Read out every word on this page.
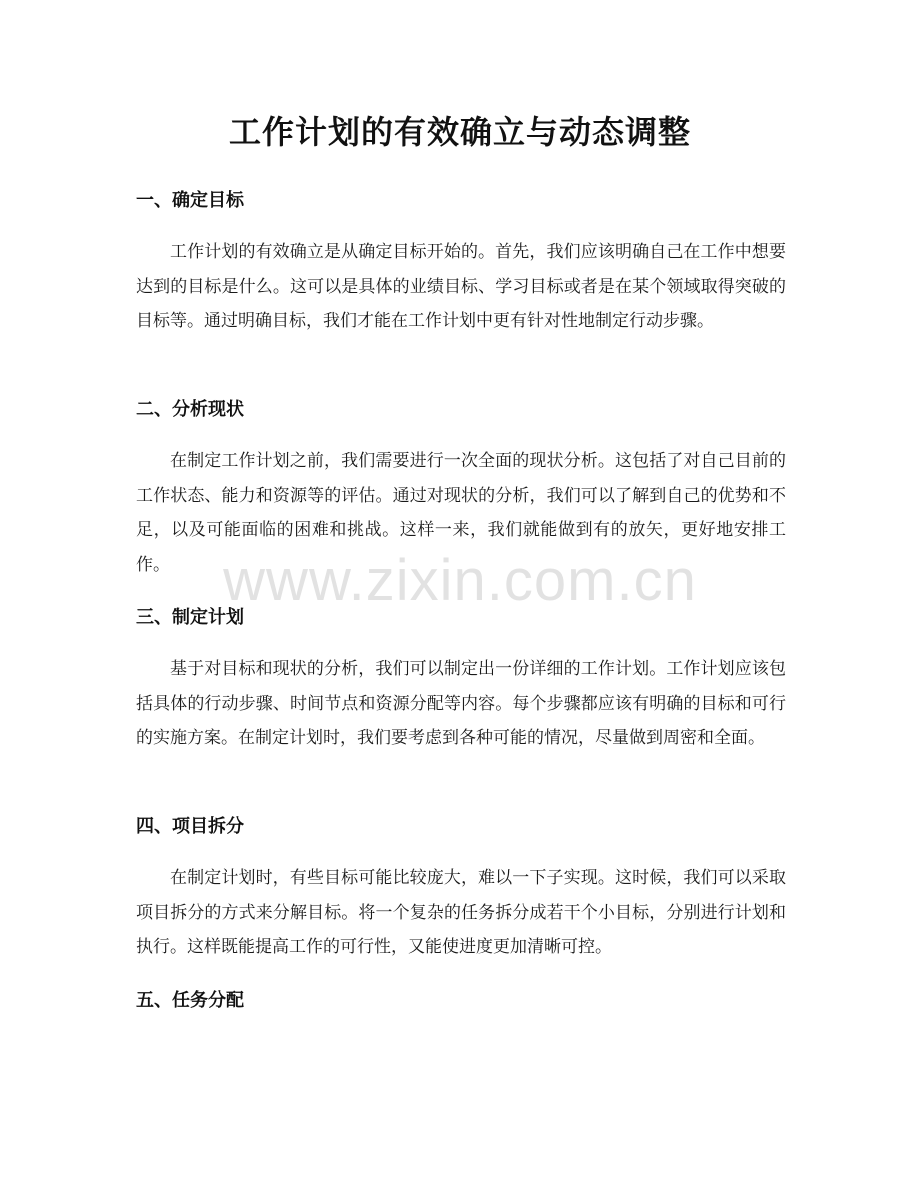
工作计划的有效确立与动态调整
一、确定目标

工作计划的有效确立是从确定目标开始的。首先，我们应该明确自己在工作中想要达到的目标是什么。这可以是具体的业绩目标、学习目标或者是在某个领域取得突破的目标等。通过明确目标，我们才能在工作计划中更有针对性地制定行动步骤。

二、分析现状

在制定工作计划之前，我们需要进行一次全面的现状分析。这包括了对自己目前的工作状态、能力和资源等的评估。通过对现状的分析，我们可以了解到自己的优势和不足，以及可能面临的困难和挑战。这样一来，我们就能做到有的放矢，更好地安排工作。

三、制定计划

基于对目标和现状的分析，我们可以制定出一份详细的工作计划。工作计划应该包括具体的行动步骤、时间节点和资源分配等内容。每个步骤都应该有明确的目标和可行的实施方案。在制定计划时，我们要考虑到各种可能的情况，尽量做到周密和全面。

四、项目拆分

在制定计划时，有些目标可能比较庞大，难以一下子实现。这时候，我们可以采取项目拆分的方式来分解目标。将一个复杂的任务拆分成若干个小目标，分别进行计划和执行。这样既能提高工作的可行性，又能使进度更加清晰可控。

五、任务分配
www.zixin.com.cn
